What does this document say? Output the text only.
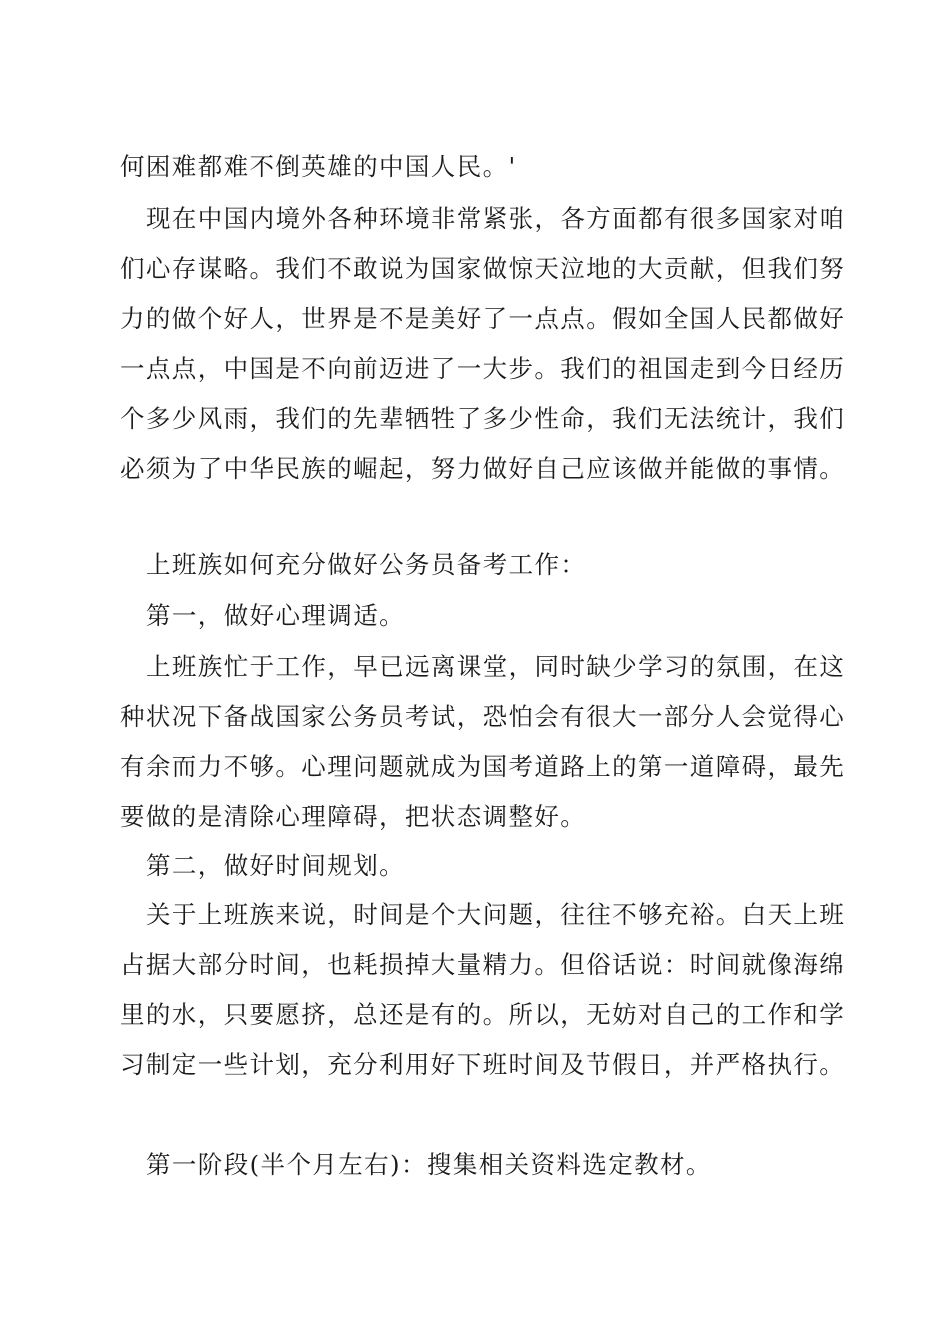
何困难都难不倒英雄的中国人民。'
现在中国内境外各种环境非常紧张，各方面都有很多国家对咱
们心存谋略。我们不敢说为国家做惊天泣地的大贡献，但我们努
力的做个好人，世界是不是美好了一点点。假如全国人民都做好
一点点，中国是不向前迈进了一大步。我们的祖国走到今日经历
个多少风雨，我们的先辈牺牲了多少性命，我们无法统计，我们
必须为了中华民族的崛起，努力做好自己应该做并能做的事情。
上班族如何充分做好公务员备考工作：
第一，做好心理调适。
上班族忙于工作，早已远离课堂，同时缺少学习的氛围，在这
种状况下备战国家公务员考试，恐怕会有很大一部分人会觉得心
有余而力不够。心理问题就成为国考道路上的第一道障碍，最先
要做的是清除心理障碍，把状态调整好。
第二，做好时间规划。
关于上班族来说，时间是个大问题，往往不够充裕。白天上班
占据大部分时间，也耗损掉大量精力。但俗话说：时间就像海绵
里的水，只要愿挤，总还是有的。所以，无妨对自己的工作和学
习制定一些计划，充分利用好下班时间及节假日，并严格执行。
第一阶段(半个月左右)：搜集相关资料选定教材。
